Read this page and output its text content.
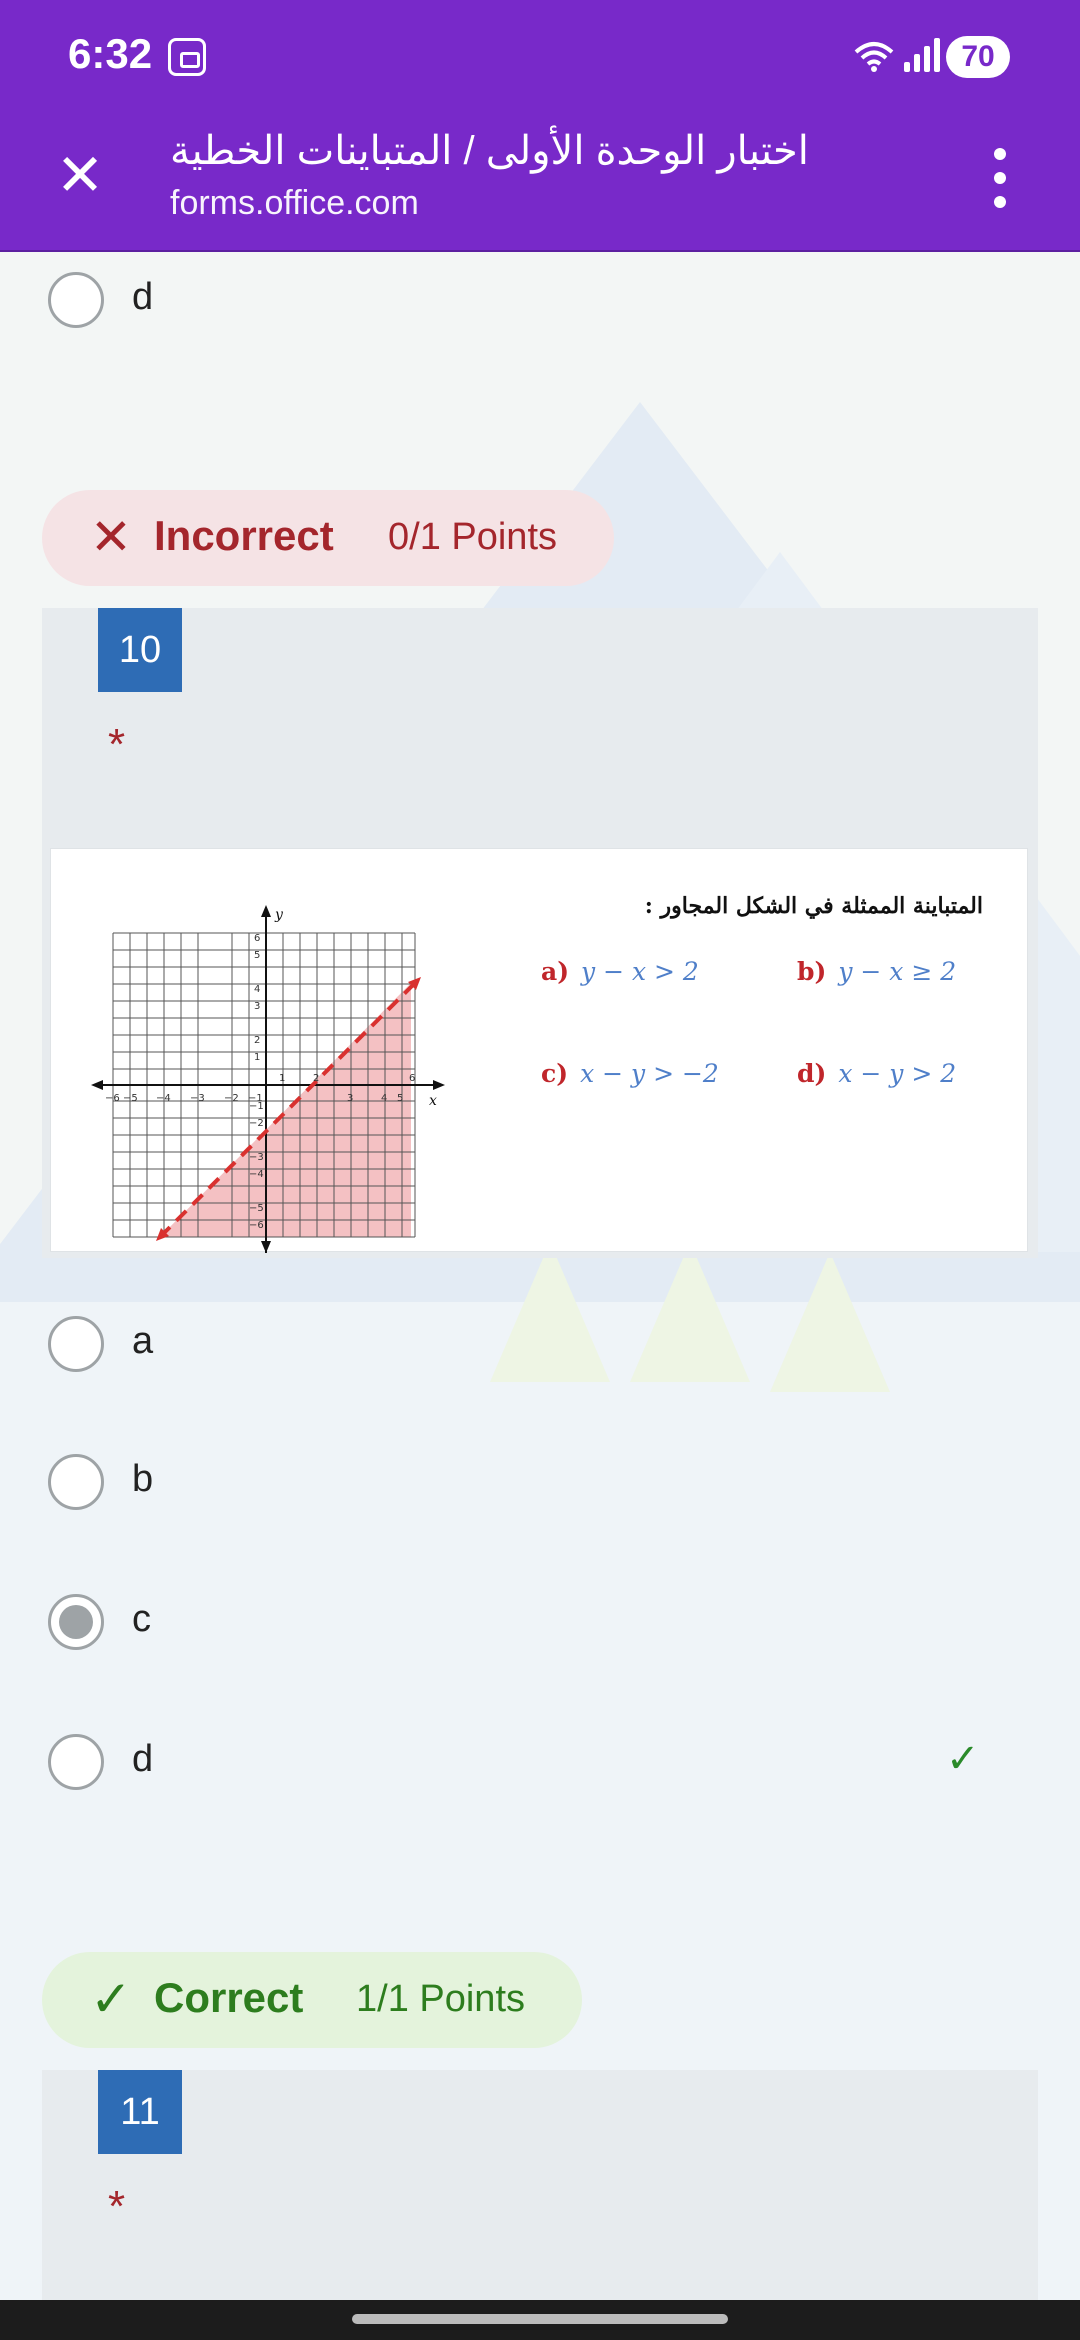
6:32	70
✕ اختبار الوحدة الأولى / المتباينات الخطية
forms.office.com
d
✕ Incorrect 0/1 Points
10
*
y
x
−6 −5 −4 −3 −2 −1
1	2
3	4 5
6
6
5
4
3
2
1
−1
−2
−3
−4
−5
−6
المتباينة الممثلة في الشكل المجاور :
a) y − x > 2	b) y − x ≥ 2
c) x − y > −2	d) x − y > 2
a
b
c
d	✓
✓ Correct 1/1 Points
11
*
